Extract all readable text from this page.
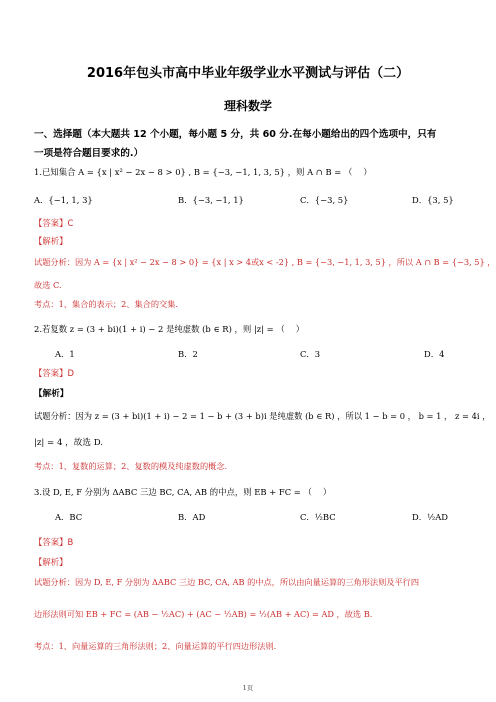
2016年包头市高中毕业年级学业水平测试与评估（二）
理科数学
一、选择题（本大题共 12 个小题，每小题 5 分，共 60 分.在每小题给出的四个选项中，只有
一项是符合题目要求的.）
1.已知集合 A = {x | x² − 2x − 8 > 0} , B = {−3, −1, 1, 3, 5} ，则 A ∩ B = （　 ）
A．{−1, 1, 3}	B．{−3, −1, 1}	C．{−3, 5}	D．{3, 5}
【答案】C
【解析】
试题分析：因为 A = {x | x² − 2x − 8 > 0} = {x | x > 4或x < -2} , B = {−3, −1, 1, 3, 5} ，所以 A ∩ B = {−3, 5} ，
故选 C.
考点：1、集合的表示；2、集合的交集.
2.若复数 z = (3 + bi)(1 + i) − 2 是纯虚数 (b ∈ R) ，则 |z| = （　 ）
A．1	B．2	C．3	D．4
【答案】D
【解析】
试题分析：因为 z = (3 + bi)(1 + i) − 2 = 1 − b + (3 + b)i 是纯虚数 (b ∈ R) ，所以 1 − b = 0 ， b = 1 ， z = 4i ，
|z| = 4 ，故选 D.
考点：1、复数的运算；2、复数的模及纯虚数的概念.
3.设 D, E, F 分别为 ΔABC 三边 BC, CA, AB 的中点，则 EB + FC = （　 ）
A．BC	B．AD	C．½BC	D．½AD
【答案】B
【解析】
试题分析：因为 D, E, F 分别为 ΔABC 三边 BC, CA, AB 的中点，所以由向量运算的三角形法则及平行四
边形法则可知 EB + FC = (AB − ½AC) + (AC − ½AB) = ½(AB + AC) = AD ，故选 B.
考点：1、向量运算的三角形法则；2、向量运算的平行四边形法则.
1页
